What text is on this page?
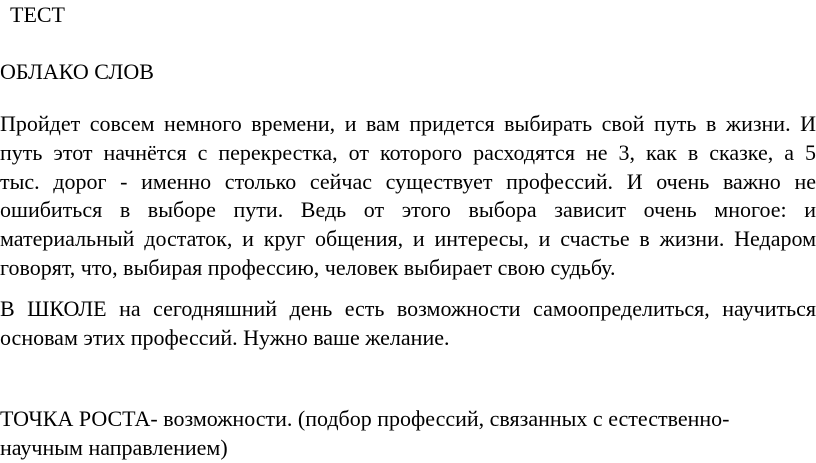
ТЕСТ

ОБЛАКО СЛОВ

Пройдет совсем немного времени, и вам придется выбирать свой путь в жизни. И
путь этот начнётся с перекрестка, от которого расходятся не 3, как в сказке, а 5
тыс. дорог - именно столько сейчас существует профессий. И очень важно не
ошибиться в выборе пути. Ведь от этого выбора зависит очень многое: и
материальный достаток, и круг общения, и интересы, и счастье в жизни. Недаром
говорят, что, выбирая профессию, человек выбирает свою судьбу.
В ШКОЛЕ на сегодняшний день есть возможности самоопределиться, научиться
основам этих профессий. Нужно ваше желание.
ТОЧКА РОСТА- возможности. (подбор профессий, связанных с естественно-
научным направлением)
